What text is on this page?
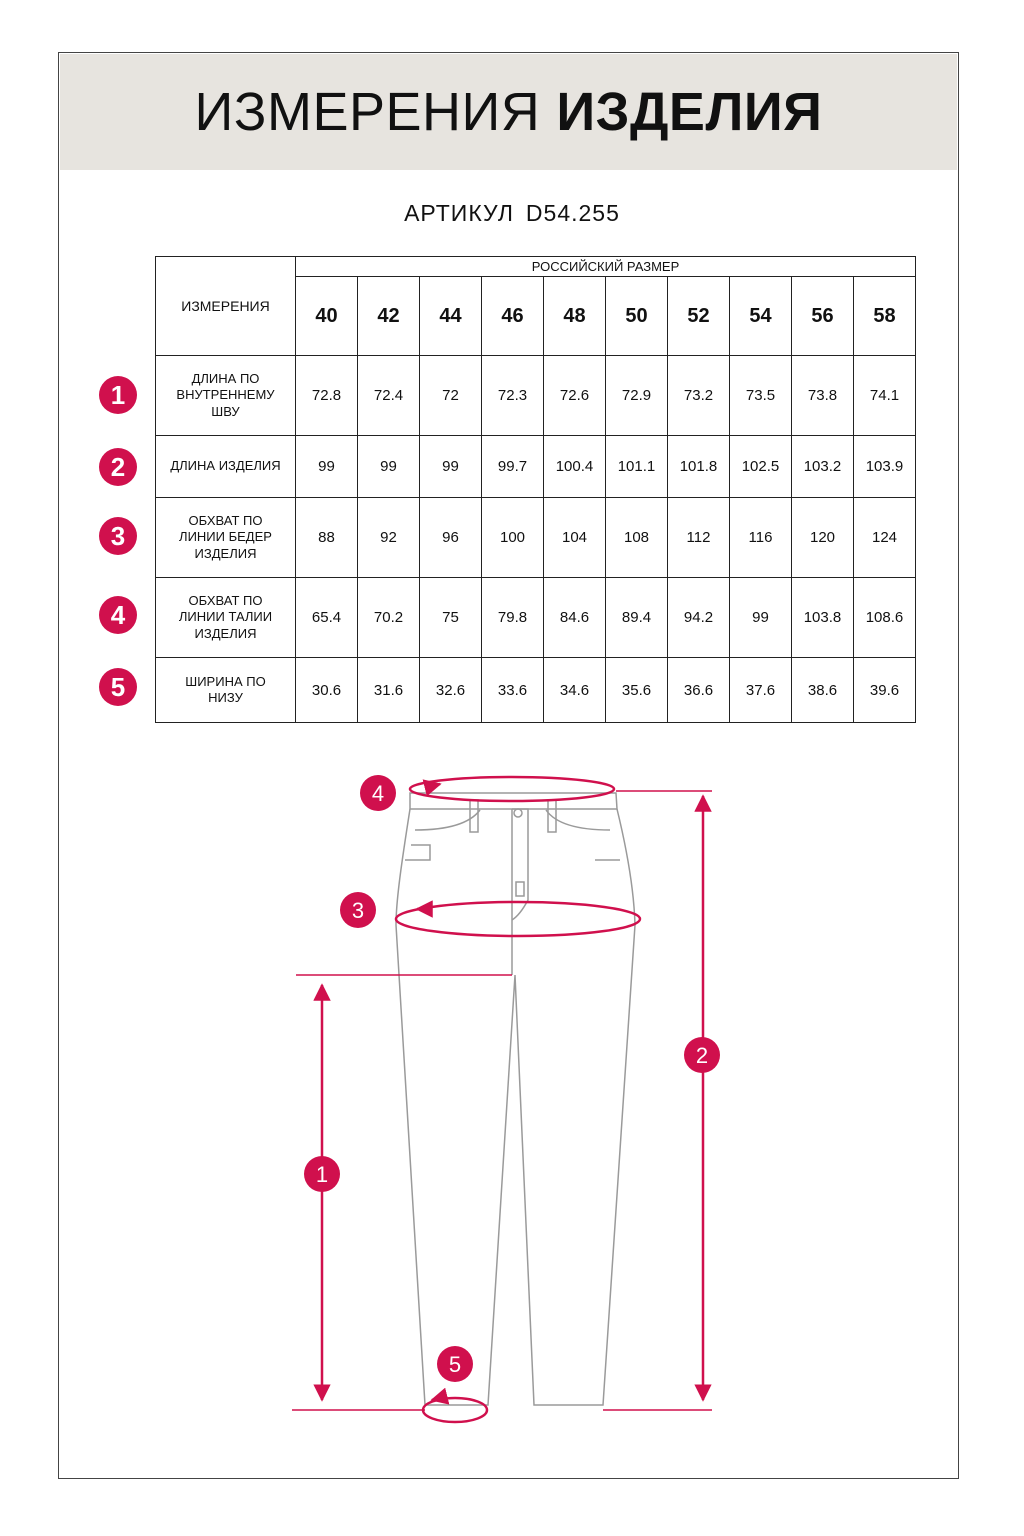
ИЗМЕРЕНИЯ ИЗДЕЛИЯ
АРТИКУЛ D54.255
ИЗМЕРЕНИЯ	РОССИЙСКИЙ РАЗМЕР									
	40	42	44	46	48	50	52	54	56	58
ДЛИНА ПО
ВНУТРЕННЕМУ
ШВУ	72.8	72.4	72	72.3	72.6	72.9	73.2	73.5	73.8	74.1
ДЛИНА ИЗДЕЛИЯ	99	99	99	99.7	100.4	101.1	101.8	102.5	103.2	103.9
ОБХВАТ ПО
ЛИНИИ БЕДЕР
ИЗДЕЛИЯ	88	92	96	100	104	108	112	116	120	124
ОБХВАТ ПО
ЛИНИИ ТАЛИИ
ИЗДЕЛИЯ	65.4	70.2	75	79.8	84.6	89.4	94.2	99	103.8	108.6
ШИРИНА ПО
НИЗУ	30.6	31.6	32.6	33.6	34.6	35.6	36.6	37.6	38.6	39.6
1
2
3
4
5
4
3
2
1
5
